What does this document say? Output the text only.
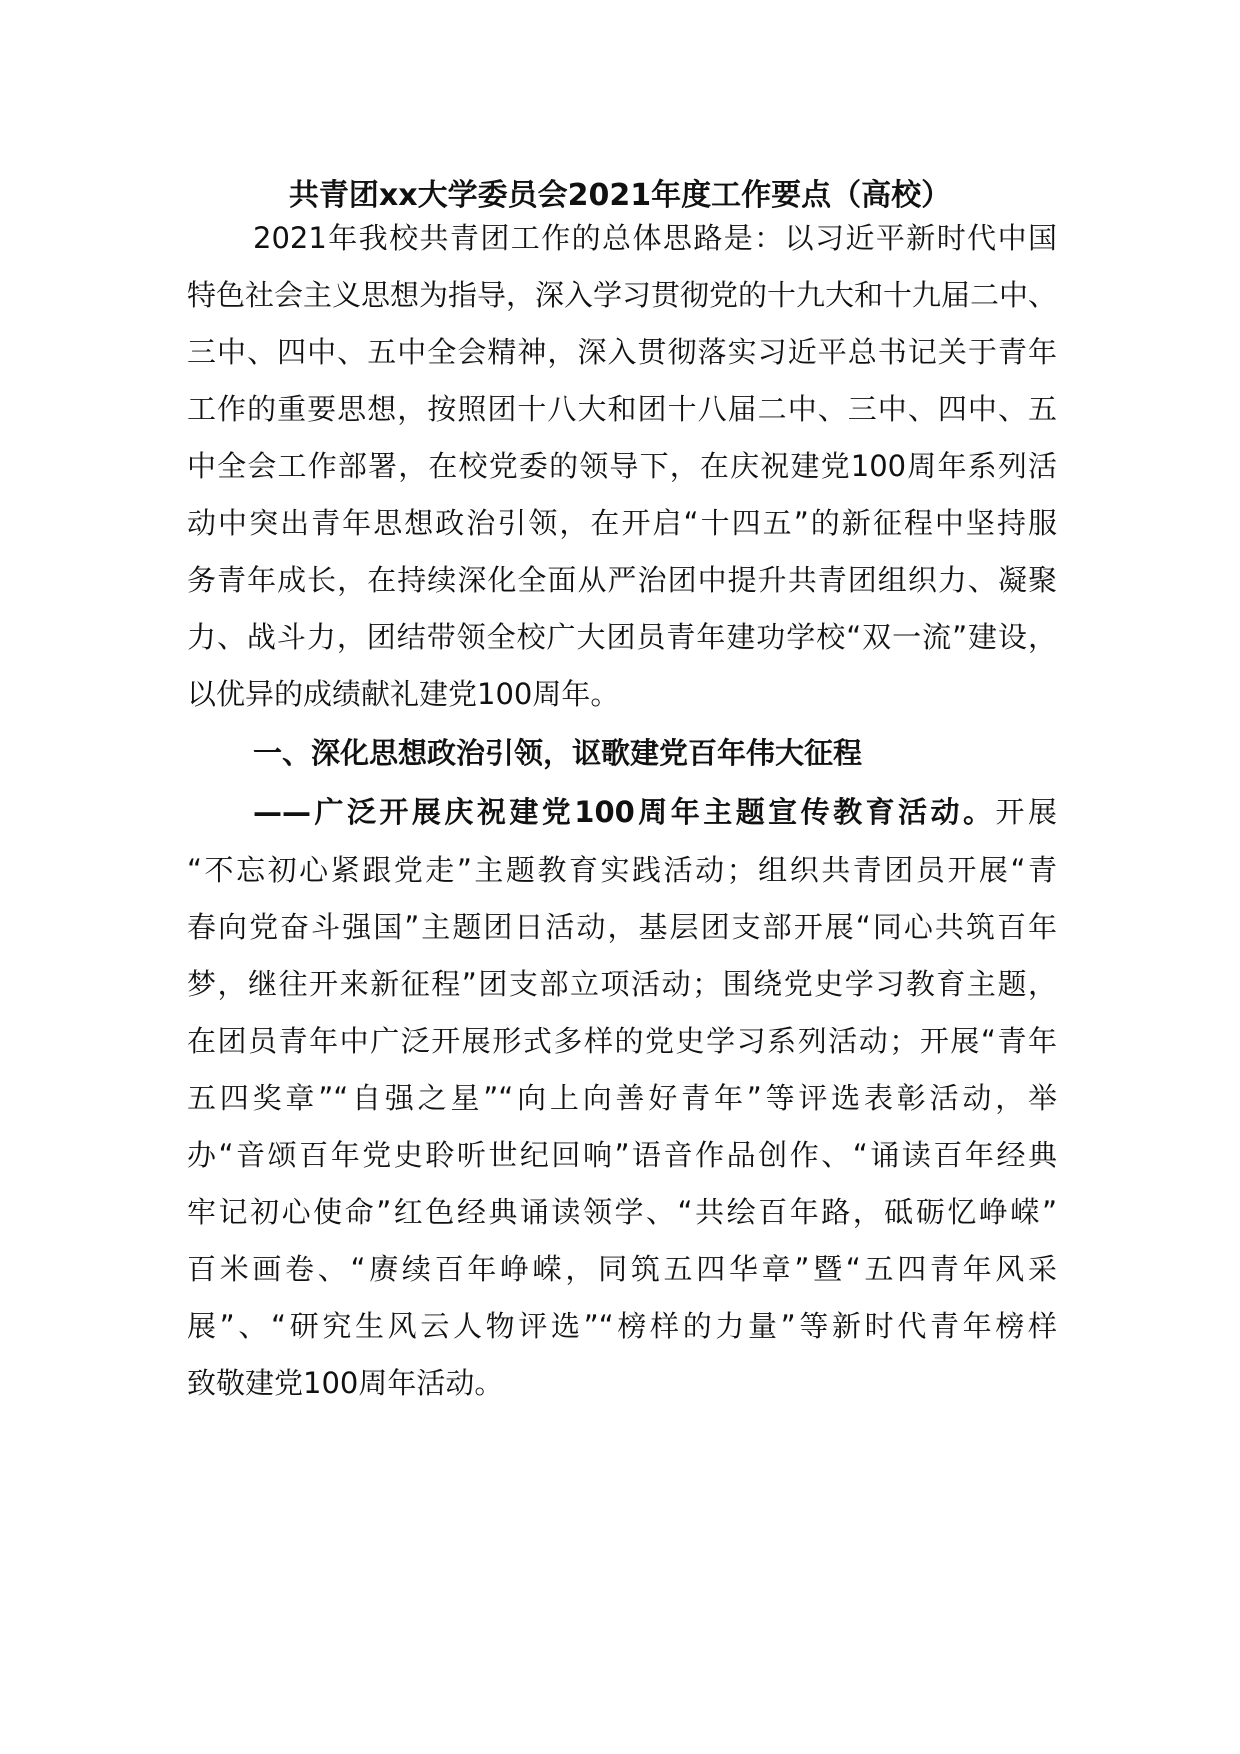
共青团xx大学委员会2021年度工作要点（高校）

2021年我校共青团工作的总体思路是：以习近平新时代中国

特色社会主义思想为指导，深入学习贯彻党的十九大和十九届二中、

三中、四中、五中全会精神，深入贯彻落实习近平总书记关于青年

工作的重要思想，按照团十八大和团十八届二中、三中、四中、五

中全会工作部署，在校党委的领导下，在庆祝建党100周年系列活

动中突出青年思想政治引领，在开启“十四五”的新征程中坚持服

务青年成长，在持续深化全面从严治团中提升共青团组织力、凝聚

力、战斗力，团结带领全校广大团员青年建功学校“双一流”建设，

以优异的成绩献礼建党100周年。

一、深化思想政治引领，讴歌建党百年伟大征程

——广泛开展庆祝建党100周年主题宣传教育活动。开展

“不忘初心紧跟党走”主题教育实践活动；组织共青团员开展“青

春向党奋斗强国”主题团日活动，基层团支部开展“同心共筑百年

梦，继往开来新征程”团支部立项活动；围绕党史学习教育主题，

在团员青年中广泛开展形式多样的党史学习系列活动；开展“青年

五四奖章”“自强之星”“向上向善好青年”等评选表彰活动，举

办“音颂百年党史聆听世纪回响”语音作品创作、“诵读百年经典

牢记初心使命”红色经典诵读领学、“共绘百年路，砥砺忆峥嵘”

百米画卷、“赓续百年峥嵘，同筑五四华章”暨“五四青年风采

展”、“研究生风云人物评选”“榜样的力量”等新时代青年榜样

致敬建党100周年活动。
